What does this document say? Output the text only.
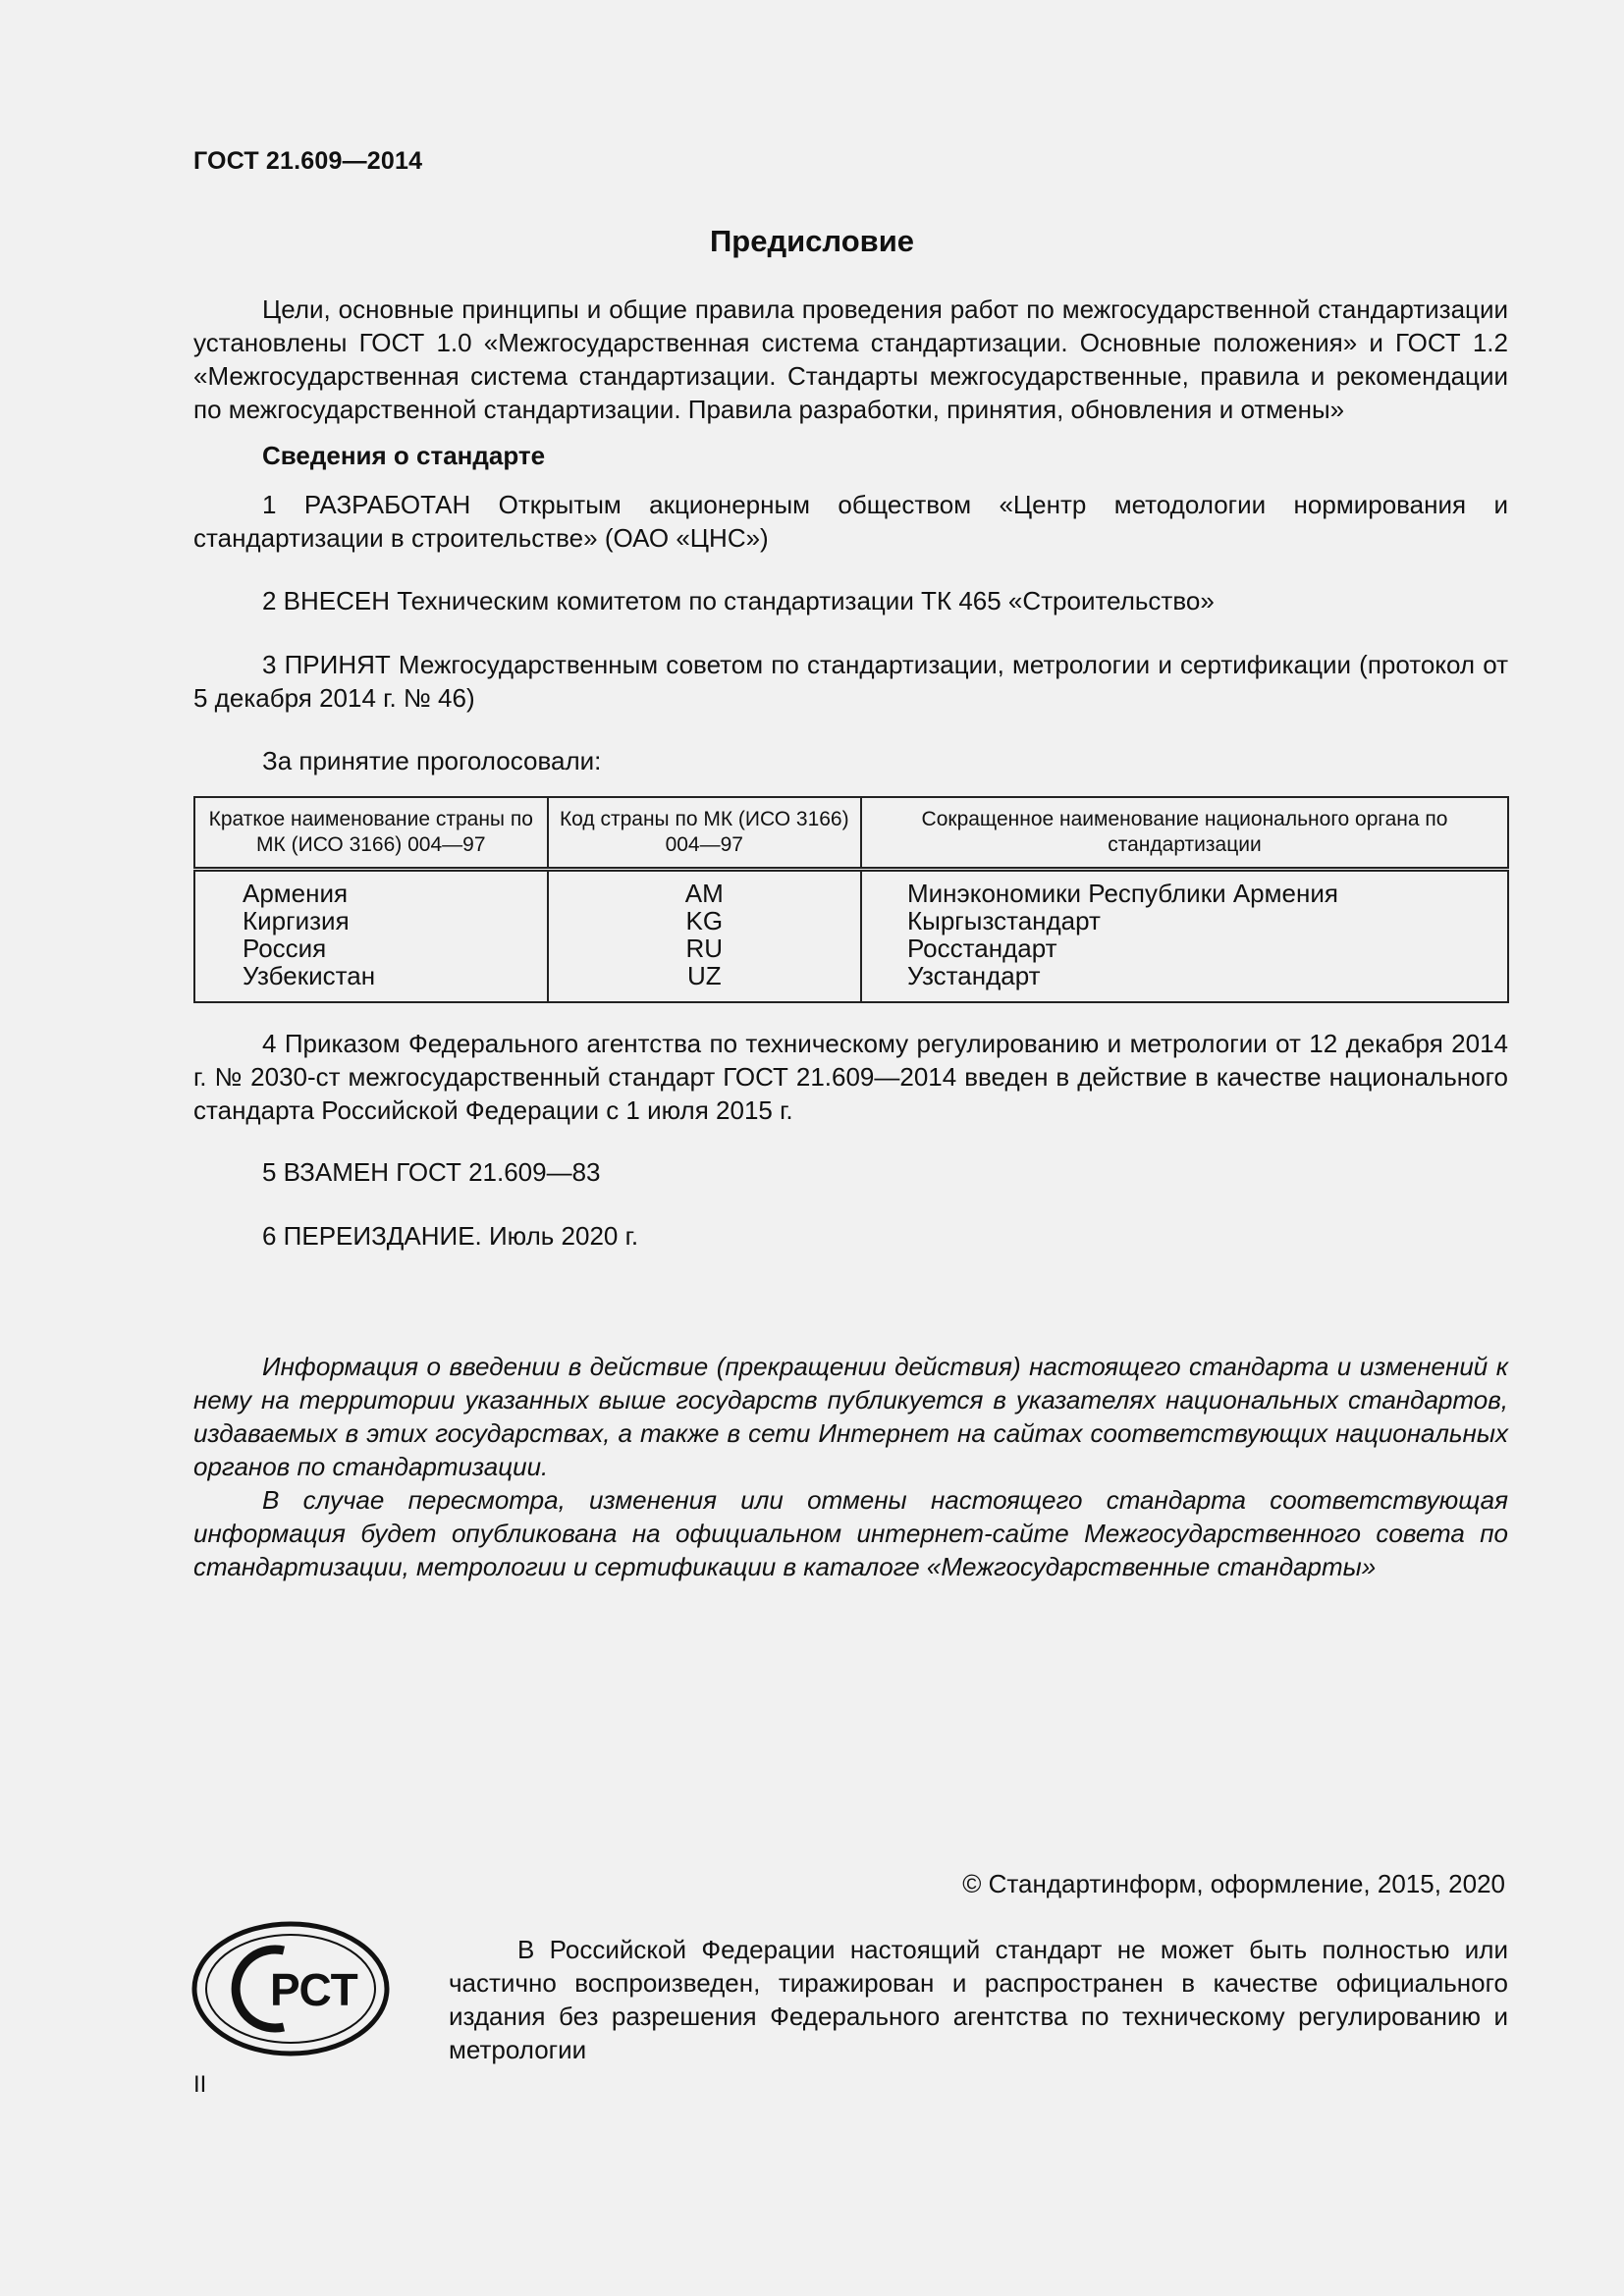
ГОСТ 21.609—2014
Предисловие

Цели, основные принципы и общие правила проведения работ по межгосударственной стандартизации установлены ГОСТ 1.0 «Межгосударственная система стандартизации. Основные положения» и ГОСТ 1.2 «Межгосударственная система стандартизации. Стандарты межгосударственные, правила и рекомендации по межгосударственной стандартизации. Правила разработки, принятия, обновления и отмены»

Сведения о стандарте

1 РАЗРАБОТАН Открытым акционерным обществом «Центр методологии нормирования и стандартизации в строительстве» (ОАО «ЦНС»)

2 ВНЕСЕН Техническим комитетом по стандартизации ТК 465 «Строительство»

3 ПРИНЯТ Межгосударственным советом по стандартизации, метрологии и сертификации (протокол от 5 декабря 2014 г. № 46)

За принятие проголосовали:
Краткое наименование страны по МК (ИСО 3166) 004—97	Код страны по МК (ИСО 3166) 004—97	Сокращенное наименование национального органа по стандартизации
Армения	AM	Минэкономики Республики Армения
Киргизия	KG	Кыргызстандарт
Россия	RU	Росстандарт
Узбекистан	UZ	Узстандарт

4 Приказом Федерального агентства по техническому регулированию и метрологии от 12 декабря 2014 г. № 2030-ст межгосударственный стандарт ГОСТ 21.609—2014 введен в действие в качестве национального стандарта Российской Федерации с 1 июля 2015 г.

5 ВЗАМЕН ГОСТ 21.609—83

6 ПЕРЕИЗДАНИЕ. Июль 2020 г.

Информация о введении в действие (прекращении действия) настоящего стандарта и изменений к нему на территории указанных выше государств публикуется в указателях национальных стандартов, издаваемых в этих государствах, а также в сети Интернет на сайтах соответствующих национальных органов по стандартизации.

В случае пересмотра, изменения или отмены настоящего стандарта соответствующая информация будет опубликована на официальном интернет-сайте Межгосударственного совета по стандартизации, метрологии и сертификации в каталоге «Межгосударственные стандарты»

© Стандартинформ, оформление, 2015, 2020
РСТ

В Российской Федерации настоящий стандарт не может быть полностью или частично воспроизведен, тиражирован и распространен в качестве официального издания без разрешения Федерального агентства по техническому регулированию и метрологии

II
